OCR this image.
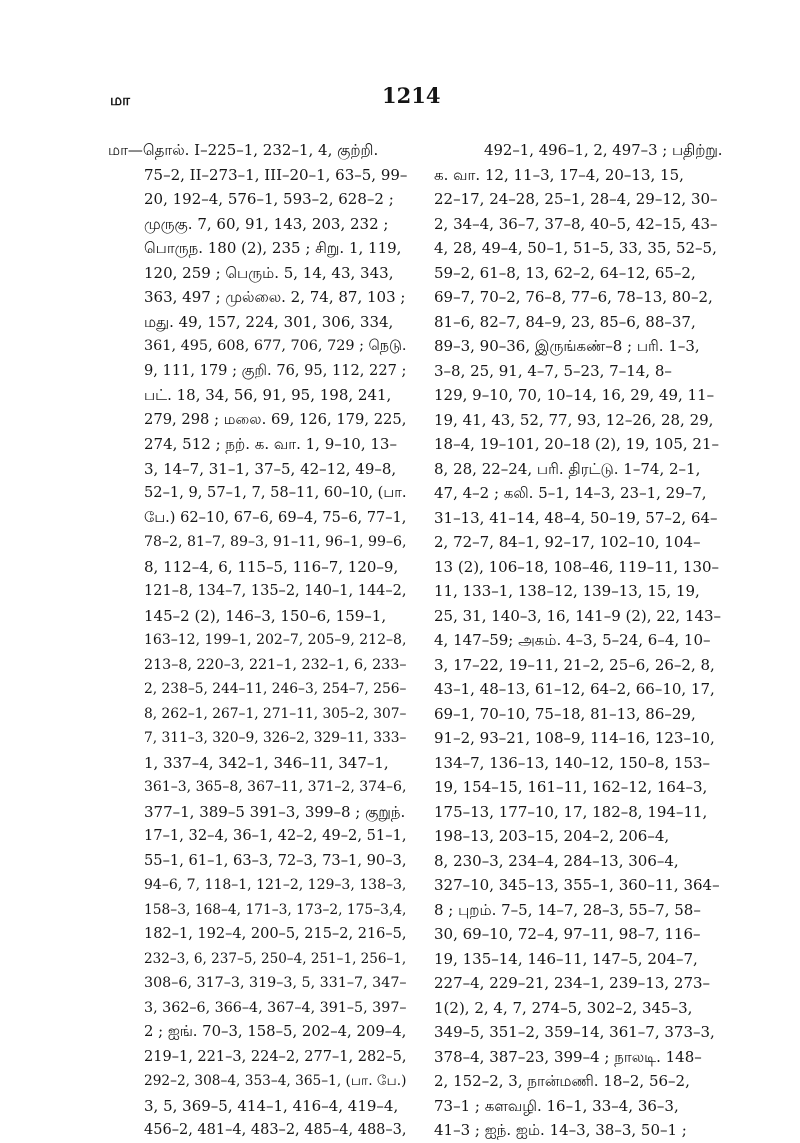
மா	1214
மா—தொல். I–225–1, 232–1, 4, குற்றி.
75–2, II–273–1, III–20–1, 63–5, 99–
20, 192–4, 576–1, 593–2, 628–2 ;
முருகு. 7, 60, 91, 143, 203, 232 ;
பொருந. 180 (2), 235 ; சிறு. 1, 119,
120, 259 ; பெரும். 5, 14, 43, 343,
363, 497 ; முல்லை. 2, 74, 87, 103 ;
மது. 49, 157, 224, 301, 306, 334,
361, 495, 608, 677, 706, 729 ; நெடு.
9, 111, 179 ; குறி. 76, 95, 112, 227 ;
பட். 18, 34, 56, 91, 95, 198, 241,
279, 298 ; மலை. 69, 126, 179, 225,
274, 512 ; நற். க. வா. 1, 9–10, 13–
3, 14–7, 31–1, 37–5, 42–12, 49–8,
52–1, 9, 57–1, 7, 58–11, 60–10, (பா.
பே.) 62–10, 67–6, 69–4, 75–6, 77–1,
78–2, 81–7, 89–3, 91–11, 96–1, 99–6,
8, 112–4, 6, 115–5, 116–7, 120–9,
121–8, 134–7, 135–2, 140–1, 144–2,
145–2 (2), 146–3, 150–6, 159–1,
163–12, 199–1, 202–7, 205–9, 212–8,
213–8, 220–3, 221–1, 232–1, 6, 233–
2, 238–5, 244–11, 246–3, 254–7, 256–
8, 262–1, 267–1, 271–11, 305–2, 307–
7, 311–3, 320–9, 326–2, 329–11, 333–
1, 337–4, 342–1, 346–11, 347–1,
361–3, 365–8, 367–11, 371–2, 374–6,
377–1, 389–5 391–3, 399–8 ; குறுந்.
17–1, 32–4, 36–1, 42–2, 49–2, 51–1,
55–1, 61–1, 63–3, 72–3, 73–1, 90–3,
94–6, 7, 118–1, 121–2, 129–3, 138–3,
158–3, 168–4, 171–3, 173–2, 175–3,4,
182–1, 192–4, 200–5, 215–2, 216–5,
232–3, 6, 237–5, 250–4, 251–1, 256–1,
308–6, 317–3, 319–3, 5, 331–7, 347–
3, 362–6, 366–4, 367–4, 391–5, 397–
2 ; ஐங். 70–3, 158–5, 202–4, 209–4,
219–1, 221–3, 224–2, 277–1, 282–5,
292–2, 308–4, 353–4, 365–1, (பா. பே.)
3, 5, 369–5, 414–1, 416–4, 419–4,
456–2, 481–4, 483–2, 485–4, 488–3,
492–1, 496–1, 2, 497–3 ; பதிற்று.
க. வா. 12, 11–3, 17–4, 20–13, 15,
22–17, 24–28, 25–1, 28–4, 29–12, 30–
2, 34–4, 36–7, 37–8, 40–5, 42–15, 43–
4, 28, 49–4, 50–1, 51–5, 33, 35, 52–5,
59–2, 61–8, 13, 62–2, 64–12, 65–2,
69–7, 70–2, 76–8, 77–6, 78–13, 80–2,
81–6, 82–7, 84–9, 23, 85–6, 88–37,
89–3, 90–36, இருங்கண்–8 ; பரி. 1–3,
3–8, 25, 91, 4–7, 5–23, 7–14, 8–
129, 9–10, 70, 10–14, 16, 29, 49, 11–
19, 41, 43, 52, 77, 93, 12–26, 28, 29,
18–4, 19–101, 20–18 (2), 19, 105, 21–
8, 28, 22–24, பரி. திரட்டு. 1–74, 2–1,
47, 4–2 ; கலி. 5–1, 14–3, 23–1, 29–7,
31–13, 41–14, 48–4, 50–19, 57–2, 64–
2, 72–7, 84–1, 92–17, 102–10, 104–
13 (2), 106–18, 108–46, 119–11, 130–
11, 133–1, 138–12, 139–13, 15, 19,
25, 31, 140–3, 16, 141–9 (2), 22, 143–
4, 147–59; அகம். 4–3, 5–24, 6–4, 10–
3, 17–22, 19–11, 21–2, 25–6, 26–2, 8,
43–1, 48–13, 61–12, 64–2, 66–10, 17,
69–1, 70–10, 75–18, 81–13, 86–29,
91–2, 93–21, 108–9, 114–16, 123–10,
134–7, 136–13, 140–12, 150–8, 153–
19, 154–15, 161–11, 162–12, 164–3,
175–13, 177–10, 17, 182–8, 194–11,
198–13, 203–15, 204–2, 206–4,
8, 230–3, 234–4, 284–13, 306–4,
327–10, 345–13, 355–1, 360–11, 364–
8 ; புறம். 7–5, 14–7, 28–3, 55–7, 58–
30, 69–10, 72–4, 97–11, 98–7, 116–
19, 135–14, 146–11, 147–5, 204–7,
227–4, 229–21, 234–1, 239–13, 273–
1(2), 2, 4, 7, 274–5, 302–2, 345–3,
349–5, 351–2, 359–14, 361–7, 373–3,
378–4, 387–23, 399–4 ; நாலடி. 148–
2, 152–2, 3, நான்மணி. 18–2, 56–2,
73–1 ; களவழி. 16–1, 33–4, 36–3,
41–3 ; ஐந். ஐம். 14–3, 38–3, 50–1 ;
